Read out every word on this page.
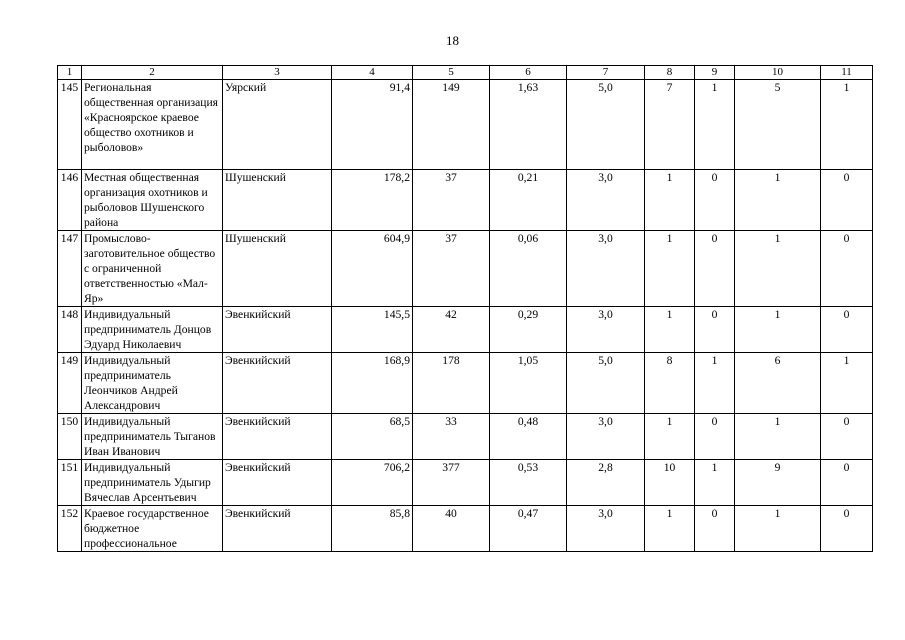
18
1	2	3	4	5	6	7	8	9	10	11
145	Региональная общественная организация «Красноярское краевое общество охотников и рыболовов»	Уярский	91,4	149	1,63	5,0	7	1	5	1
146	Местная общественная организация охотников и рыболовов Шушенского района	Шушенский	178,2	37	0,21	3,0	1	0	1	0
147	Промыслово-заготовительное общество с ограниченной ответственностью «Мал-Яр»	Шушенский	604,9	37	0,06	3,0	1	0	1	0
148	Индивидуальный предприниматель Донцов Эдуард Николаевич	Эвенкийский	145,5	42	0,29	3,0	1	0	1	0
149	Индивидуальный предприниматель Леончиков Андрей Александрович	Эвенкийский	168,9	178	1,05	5,0	8	1	6	1
150	Индивидуальный предприниматель Тыганов Иван Иванович	Эвенкийский	68,5	33	0,48	3,0	1	0	1	0
151	Индивидуальный предприниматель Удыгир Вячеслав Арсентьевич	Эвенкийский	706,2	377	0,53	2,8	10	1	9	0
152	Краевое государственное бюджетное профессиональное	Эвенкийский	85,8	40	0,47	3,0	1	0	1	0
